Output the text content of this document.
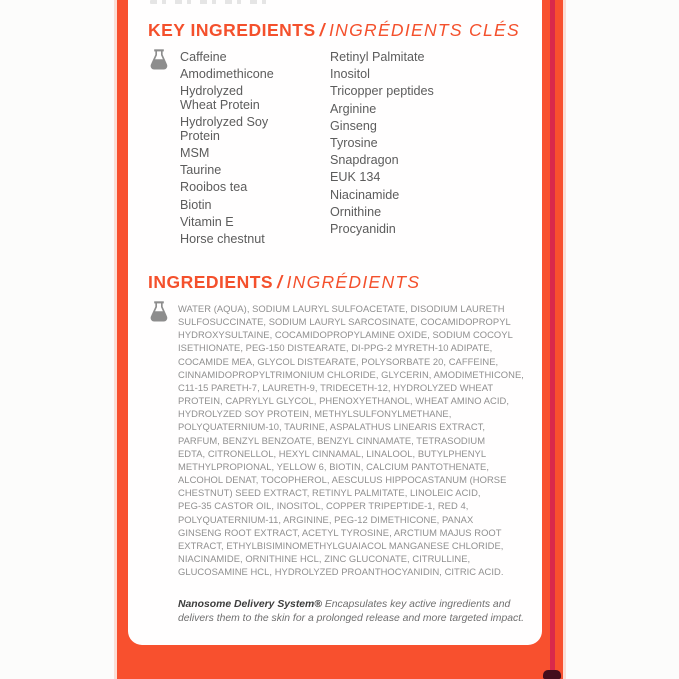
KEY INGREDIENTS / INGRÉDIENTS CLÉS
Caffeine
Amodimethicone
Hydrolyzed
Wheat Protein
Hydrolyzed Soy
Protein
MSM
Taurine
Rooibos tea
Biotin
Vitamin E
Horse chestnut
Retinyl Palmitate
Inositol
Tricopper peptides
Arginine
Ginseng
Tyrosine
Snapdragon
EUK 134
Niacinamide
Ornithine
Procyanidin
INGREDIENTS / INGRÉDIENTS
WATER (AQUA), SODIUM LAURYL SULFOACETATE, DISODIUM LAURETH
SULFOSUCCINATE, SODIUM LAURYL SARCOSINATE, COCAMIDOPROPYL
HYDROXYSULTAINE, COCAMIDOPROPYLAMINE OXIDE, SODIUM COCOYL
ISETHIONATE, PEG-150 DISTEARATE, DI-PPG-2 MYRETH-10 ADIPATE,
COCAMIDE MEA, GLYCOL DISTEARATE, POLYSORBATE 20, CAFFEINE,
CINNAMIDOPROPYLTRIMONIUM CHLORIDE, GLYCERIN, AMODIMETHICONE,
C11-15 PARETH-7, LAURETH-9, TRIDECETH-12, HYDROLYZED WHEAT
PROTEIN, CAPRYLYL GLYCOL, PHENOXYETHANOL, WHEAT AMINO ACID,
HYDROLYZED SOY PROTEIN, METHYLSULFONYLMETHANE,
POLYQUATERNIUM-10, TAURINE, ASPALATHUS LINEARIS EXTRACT,
PARFUM, BENZYL BENZOATE, BENZYL CINNAMATE, TETRASODIUM
EDTA, CITRONELLOL, HEXYL CINNAMAL, LINALOOL, BUTYLPHENYL
METHYLPROPIONAL, YELLOW 6, BIOTIN, CALCIUM PANTOTHENATE,
ALCOHOL DENAT, TOCOPHEROL, AESCULUS HIPPOCASTANUM (HORSE
CHESTNUT) SEED EXTRACT, RETINYL PALMITATE, LINOLEIC ACID,
PEG-35 CASTOR OIL, INOSITOL, COPPER TRIPEPTIDE-1, RED 4,
POLYQUATERNIUM-11, ARGININE, PEG-12 DIMETHICONE, PANAX
GINSENG ROOT EXTRACT, ACETYL TYROSINE, ARCTIUM MAJUS ROOT
EXTRACT, ETHYLBISIMINOMETHYLGUAIACOL MANGANESE CHLORIDE,
NIACINAMIDE, ORNITHINE HCL, ZINC GLUCONATE, CITRULLINE,
GLUCOSAMINE HCL, HYDROLYZED PROANTHOCYANIDIN, CITRIC ACID.
Nanosome Delivery System® Encapsulates key active ingredients and delivers them to the skin for a prolonged release and more targeted impact.
